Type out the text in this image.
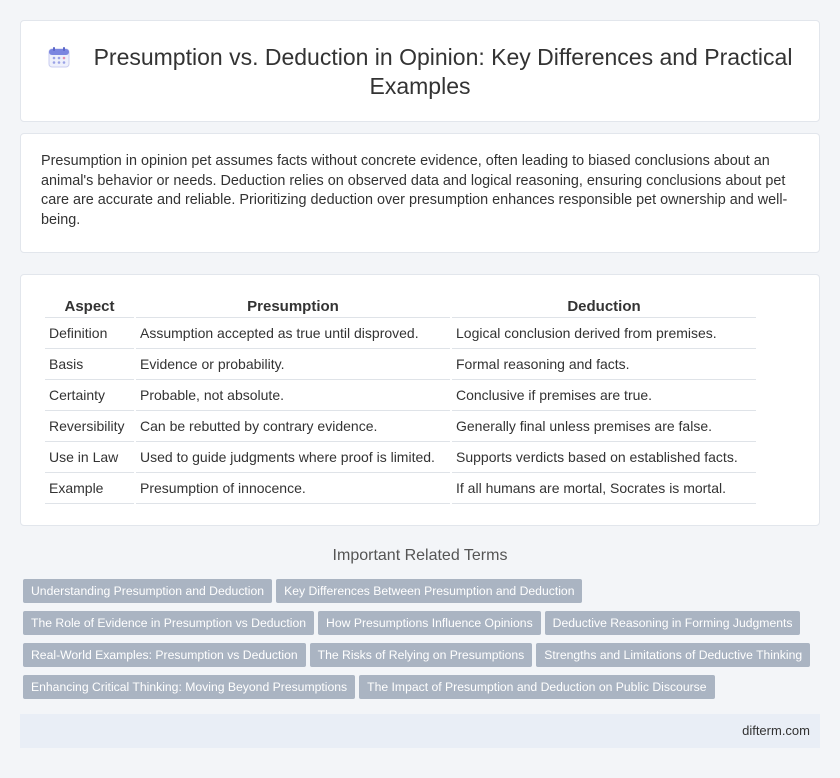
Presumption vs. Deduction in Opinion: Key Differences and Practical Examples

Presumption in opinion pet assumes facts without concrete evidence, often leading to biased conclusions about an animal's behavior or needs. Deduction relies on observed data and logical reasoning, ensuring conclusions about pet care are accurate and reliable. Prioritizing deduction over presumption enhances responsible pet ownership and well-being.

Aspect	Presumption	Deduction
Definition	Assumption accepted as true until disproved.	Logical conclusion derived from premises.
Basis	Evidence or probability.	Formal reasoning and facts.
Certainty	Probable, not absolute.	Conclusive if premises are true.
Reversibility	Can be rebutted by contrary evidence.	Generally final unless premises are false.
Use in Law	Used to guide judgments where proof is limited.	Supports verdicts based on established facts.
Example	Presumption of innocence.	If all humans are mortal, Socrates is mortal.
Important Related Terms
Understanding Presumption and Deduction Key Differences Between Presumption and Deduction
The Role of Evidence in Presumption vs Deduction How Presumptions Influence Opinions Deductive Reasoning in Forming Judgments
Real-World Examples: Presumption vs Deduction The Risks of Relying on Presumptions Strengths and Limitations of Deductive Thinking
Enhancing Critical Thinking: Moving Beyond Presumptions The Impact of Presumption and Deduction on Public Discourse
difterm.com
